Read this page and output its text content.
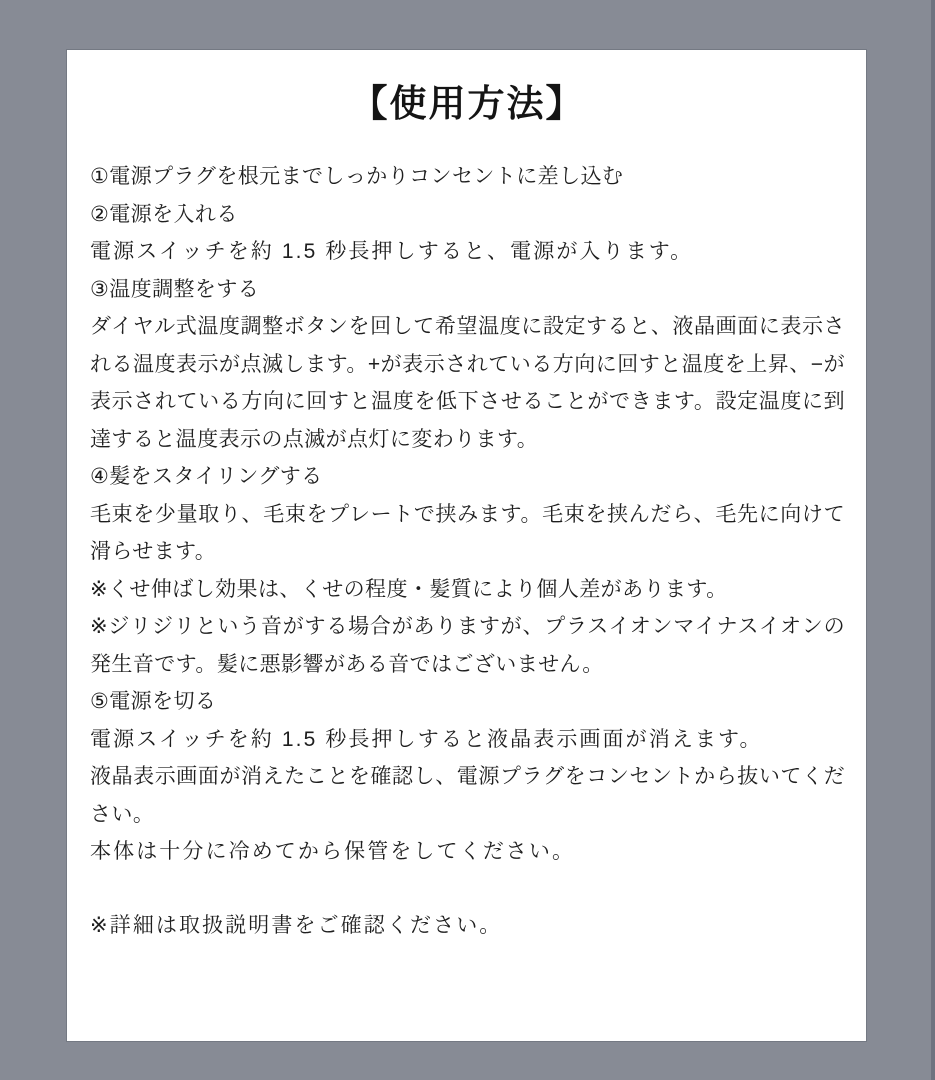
【使用方法】

①電源プラグを根元までしっかりコンセントに差し込む

②電源を入れる

電源スイッチを約 1.5 秒長押しすると、電源が入ります。

③温度調整をする

ダイヤル式温度調整ボタンを回して希望温度に設定すると、液晶画面に表示される温度表示が点滅します。+が表示されている方向に回すと温度を上昇、−が表示されている方向に回すと温度を低下させることができます。設定温度に到達すると温度表示の点滅が点灯に変わります。

④髪をスタイリングする

毛束を少量取り、毛束をプレートで挟みます。毛束を挟んだら、毛先に向けて滑らせます。

※くせ伸ばし効果は、くせの程度・髪質により個人差があります。

※ジリジリという音がする場合がありますが、プラスイオンマイナスイオンの発生音です。髪に悪影響がある音ではございません。

⑤電源を切る

電源スイッチを約 1.5 秒長押しすると液晶表示画面が消えます。

液晶表示画面が消えたことを確認し、電源プラグをコンセントから抜いてください。

本体は十分に冷めてから保管をしてください。

※詳細は取扱説明書をご確認ください。
